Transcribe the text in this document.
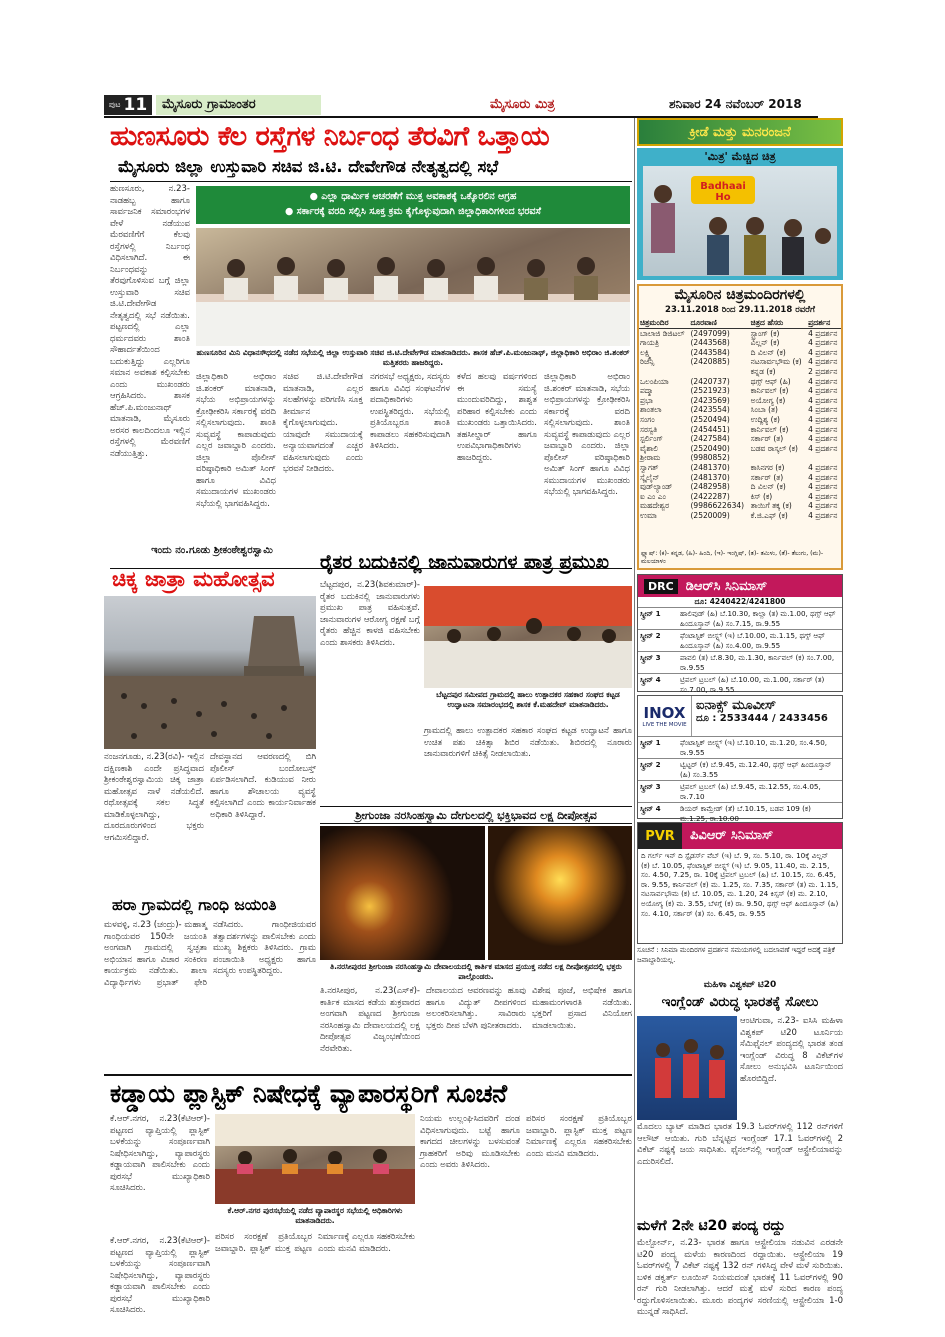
ಪುಟ 11	ಮೈಸೂರು ಗ್ರಾಮಾಂತರ	ಮೈಸೂರು ಮಿತ್ರ	ಶನಿವಾರ 24 ನವೆಂಬರ್ 2018
ಹುಣಸೂರು ಕೆಲ ರಸ್ತೆಗಳ ನಿರ್ಬಂಧ ತೆರವಿಗೆ ಒತ್ತಾಯ
ಮೈಸೂರು ಜಿಲ್ಲಾ ಉಸ್ತುವಾರಿ ಸಚಿವ ಜಿ.ಟಿ. ದೇವೇಗೌಡ ನೇತೃತ್ವದಲ್ಲಿ ಸಭೆ
ಹುಣಸೂರು, ನ.23-ನಾಡಹಬ್ಬ ಹಾಗೂ ಸಾರ್ವಜನಿಕ ಸಮಾರಂಭಗಳ ವೇಳೆ ನಡೆಯುವ ಮೆರವಣಿಗೆಗೆ ಕೆಲವು ರಸ್ತೆಗಳಲ್ಲಿ ನಿರ್ಬಂಧ ವಿಧಿಸಲಾಗಿದೆ. ಈ ನಿರ್ಬಂಧವನ್ನು ತೆರವುಗೊಳಿಸುವ ಬಗ್ಗೆ ಜಿಲ್ಲಾ ಉಸ್ತುವಾರಿ ಸಚಿವ ಜಿ.ಟಿ.ದೇವೇಗೌಡ ನೇತೃತ್ವದಲ್ಲಿ ಸಭೆ ನಡೆಯಿತು. ಪಟ್ಟಣದಲ್ಲಿ ಎಲ್ಲಾ ಧರ್ಮದವರು ಶಾಂತಿ ಸೌಹಾರ್ದತೆಯಿಂದ ಬದುಕುತ್ತಿದ್ದು ಎಲ್ಲರಿಗೂ ಸಮಾನ ಅವಕಾಶ ಕಲ್ಪಿಸಬೇಕು ಎಂದು ಮುಖಂಡರು ಆಗ್ರಹಿಸಿದರು. ಶಾಸಕ ಹೆಚ್.ಪಿ.ಮಂಜುನಾಥ್ ಮಾತನಾಡಿ, ಮೈಸೂರು ಅರಸರ ಕಾಲದಿಂದಲೂ ಇಲ್ಲಿನ ರಸ್ತೆಗಳಲ್ಲಿ ಮೆರವಣಿಗೆ ನಡೆಯುತ್ತಿತ್ತು.
● ಎಲ್ಲಾ ಧಾರ್ಮಿಕ ಆಚರಣೆಗೆ ಮುಕ್ತ ಅವಕಾಶಕ್ಕೆ ಒಕ್ಕೊರಲಿನ ಆಗ್ರಹ
● ಸರ್ಕಾರಕ್ಕೆ ವರದಿ ಸಲ್ಲಿಸಿ ಸೂಕ್ತ ಕ್ರಮ ಕೈಗೊಳ್ಳುವುದಾಗಿ ಜಿಲ್ಲಾಧಿಕಾರಿಗಳಿಂದ ಭರವಸೆ
ಹುಣಸೂರಿನ ಮಿನಿ ವಿಧಾನಸೌಧದಲ್ಲಿ ನಡೆದ ಸಭೆಯಲ್ಲಿ ಜಿಲ್ಲಾ ಉಸ್ತುವಾರಿ ಸಚಿವ ಜಿ.ಟಿ.ದೇವೇಗೌಡ ಮಾತನಾಡಿದರು. ಶಾಸಕ ಹೆಚ್.ಪಿ.ಮಂಜುನಾಥ್, ಜಿಲ್ಲಾಧಿಕಾರಿ ಅಭಿರಾಂ ಜಿ.ಶಂಕರ್ ಮತ್ತಿತರರು ಹಾಜರಿದ್ದರು.
ಜಿಲ್ಲಾಧಿಕಾರಿ ಅಭಿರಾಂ ಜಿ.ಶಂಕರ್ ಮಾತನಾಡಿ, ಸಭೆಯ ಅಭಿಪ್ರಾಯಗಳನ್ನು ಕ್ರೋಢೀಕರಿಸಿ ಸರ್ಕಾರಕ್ಕೆ ವರದಿ ಸಲ್ಲಿಸಲಾಗುವುದು. ಶಾಂತಿ ಸುವ್ಯವಸ್ಥೆ ಕಾಪಾಡುವುದು ಎಲ್ಲರ ಜವಾಬ್ದಾರಿ ಎಂದರು. ಜಿಲ್ಲಾ ಪೊಲೀಸ್ ವರಿಷ್ಠಾಧಿಕಾರಿ ಅಮಿತ್ ಸಿಂಗ್ ಹಾಗೂ ವಿವಿಧ ಸಮುದಾಯಗಳ ಮುಖಂಡರು ಸಭೆಯಲ್ಲಿ ಭಾಗವಹಿಸಿದ್ದರು.
ಸಚಿವ ಜಿ.ಟಿ.ದೇವೇಗೌಡ ಮಾತನಾಡಿ, ಎಲ್ಲರ ಸಲಹೆಗಳನ್ನು ಪರಿಗಣಿಸಿ ಸೂಕ್ತ ತೀರ್ಮಾನ ಕೈಗೊಳ್ಳಲಾಗುವುದು. ಯಾವುದೇ ಸಮುದಾಯಕ್ಕೆ ಅನ್ಯಾಯವಾಗದಂತೆ ಎಚ್ಚರ ವಹಿಸಲಾಗುವುದು ಎಂದು ಭರವಸೆ ನೀಡಿದರು.
ನಗರಸಭೆ ಅಧ್ಯಕ್ಷರು, ಸದಸ್ಯರು ಹಾಗೂ ವಿವಿಧ ಸಂಘಟನೆಗಳ ಪದಾಧಿಕಾರಿಗಳು ಉಪಸ್ಥಿತರಿದ್ದರು. ಸಭೆಯಲ್ಲಿ ಪ್ರತಿಯೊಬ್ಬರೂ ಶಾಂತಿ ಕಾಪಾಡಲು ಸಹಕರಿಸುವುದಾಗಿ ತಿಳಿಸಿದರು.
ಕಳೆದ ಹಲವು ವರ್ಷಗಳಿಂದ ಈ ಸಮಸ್ಯೆ ಮುಂದುವರಿದಿದ್ದು, ಶಾಶ್ವತ ಪರಿಹಾರ ಕಲ್ಪಿಸಬೇಕು ಎಂದು ಮುಖಂಡರು ಒತ್ತಾಯಿಸಿದರು. ತಹಸೀಲ್ದಾರ್ ಹಾಗೂ ಉಪವಿಭಾಗಾಧಿಕಾರಿಗಳು ಹಾಜರಿದ್ದರು.
ಜಿಲ್ಲಾಧಿಕಾರಿ ಅಭಿರಾಂ ಜಿ.ಶಂಕರ್ ಮಾತನಾಡಿ, ಸಭೆಯ ಅಭಿಪ್ರಾಯಗಳನ್ನು ಕ್ರೋಢೀಕರಿಸಿ ಸರ್ಕಾರಕ್ಕೆ ವರದಿ ಸಲ್ಲಿಸಲಾಗುವುದು. ಶಾಂತಿ ಸುವ್ಯವಸ್ಥೆ ಕಾಪಾಡುವುದು ಎಲ್ಲರ ಜವಾಬ್ದಾರಿ ಎಂದರು. ಜಿಲ್ಲಾ ಪೊಲೀಸ್ ವರಿಷ್ಠಾಧಿಕಾರಿ ಅಮಿತ್ ಸಿಂಗ್ ಹಾಗೂ ವಿವಿಧ ಸಮುದಾಯಗಳ ಮುಖಂಡರು ಸಭೆಯಲ್ಲಿ ಭಾಗವಹಿಸಿದ್ದರು.
ಇಂದು ನಂ.ಗೂಡು ಶ್ರೀಕಂಠೇಶ್ವರಸ್ವಾಮಿ
ಚಿಕ್ಕ ಜಾತ್ರಾ ಮಹೋತ್ಸವ
ನಂಜನಗೂಡು, ನ.23(ರವಿ)- ಇಲ್ಲಿನ ದಕ್ಷಿಣಕಾಶಿ ಎಂದೇ ಪ್ರಸಿದ್ಧವಾದ ಶ್ರೀಕಂಠೇಶ್ವರಸ್ವಾಮಿಯ ಚಿಕ್ಕ ಜಾತ್ರಾ ಮಹೋತ್ಸವ ನಾಳೆ ನಡೆಯಲಿದೆ. ರಥೋತ್ಸವಕ್ಕೆ ಸಕಲ ಸಿದ್ಧತೆ ಮಾಡಿಕೊಳ್ಳಲಾಗಿದ್ದು, ದೂರದೂರುಗಳಿಂದ ಭಕ್ತರು ಆಗಮಿಸಲಿದ್ದಾರೆ.
ದೇವಸ್ಥಾನದ ಆವರಣದಲ್ಲಿ ಬಿಗಿ ಪೊಲೀಸ್ ಬಂದೋಬಸ್ತ್ ಏರ್ಪಡಿಸಲಾಗಿದೆ. ಕುಡಿಯುವ ನೀರು ಹಾಗೂ ಶೌಚಾಲಯ ವ್ಯವಸ್ಥೆ ಕಲ್ಪಿಸಲಾಗಿದೆ ಎಂದು ಕಾರ್ಯನಿರ್ವಾಹಕ ಅಧಿಕಾರಿ ತಿಳಿಸಿದ್ದಾರೆ.
ರೈತರ ಬದುಕಿನಲ್ಲಿ ಜಾನುವಾರುಗಳ ಪಾತ್ರ ಪ್ರಮುಖ
ಬೆಟ್ಟದಪುರ, ನ.23(ಶಿವಕುಮಾರ್)- ರೈತರ ಬದುಕಿನಲ್ಲಿ ಜಾನುವಾರುಗಳು ಪ್ರಮುಖ ಪಾತ್ರ ವಹಿಸುತ್ತವೆ. ಜಾನುವಾರುಗಳ ಆರೋಗ್ಯ ರಕ್ಷಣೆ ಬಗ್ಗೆ ರೈತರು ಹೆಚ್ಚಿನ ಕಾಳಜಿ ವಹಿಸಬೇಕು ಎಂದು ಶಾಸಕರು ತಿಳಿಸಿದರು.
ಬೆಟ್ಟದಪುರ ಸಮೀಪದ ಗ್ರಾಮದಲ್ಲಿ ಹಾಲು ಉತ್ಪಾದಕರ ಸಹಕಾರ ಸಂಘದ ಕಟ್ಟಡ ಉದ್ಘಾಟನಾ ಸಮಾರಂಭದಲ್ಲಿ ಶಾಸಕ ಕೆ.ಮಹದೇವ್ ಮಾತನಾಡಿದರು.
ಗ್ರಾಮದಲ್ಲಿ ಹಾಲು ಉತ್ಪಾದಕರ ಸಹಕಾರ ಸಂಘದ ಕಟ್ಟಡ ಉದ್ಘಾಟನೆ ಹಾಗೂ ಉಚಿತ ಪಶು ಚಿಕಿತ್ಸಾ ಶಿಬಿರ ನಡೆಯಿತು. ಶಿಬಿರದಲ್ಲಿ ನೂರಾರು ಜಾನುವಾರುಗಳಿಗೆ ಚಿಕಿತ್ಸೆ ನೀಡಲಾಯಿತು.
ಶ್ರೀಗುಂಜಾ ನರಸಿಂಹಸ್ವಾಮಿ ದೇಗುಲದಲ್ಲಿ ಭಕ್ತಿಭಾವದ ಲಕ್ಷ ದೀಪೋತ್ಸವ
ತಿ.ನರಸೀಪುರದ ಶ್ರೀಗುಂಜಾ ನರಸಿಂಹಸ್ವಾಮಿ ದೇವಾಲಯದಲ್ಲಿ ಕಾರ್ತಿಕ ಮಾಸದ ಪ್ರಯುಕ್ತ ನಡೆದ ಲಕ್ಷ ದೀಪೋತ್ಸವದಲ್ಲಿ ಭಕ್ತರು ಪಾಲ್ಗೊಂಡರು.
ತಿ.ನರಸೀಪುರ, ನ.23(ಎಸ್‌ಕೆ)- ಕಾರ್ತಿಕ ಮಾಸದ ಕಡೆಯ ಶುಕ್ರವಾರದ ಅಂಗವಾಗಿ ಪಟ್ಟಣದ ಶ್ರೀಗುಂಜಾ ನರಸಿಂಹಸ್ವಾಮಿ ದೇವಾಲಯದಲ್ಲಿ ಲಕ್ಷ ದೀಪೋತ್ಸವ ವಿಜೃಂಭಣೆಯಿಂದ ನೆರವೇರಿತು.
ದೇವಾಲಯದ ಆವರಣವನ್ನು ಹೂವು ಹಾಗೂ ವಿದ್ಯುತ್ ದೀಪಗಳಿಂದ ಅಲಂಕರಿಸಲಾಗಿತ್ತು. ಸಾವಿರಾರು ಭಕ್ತರು ದೀಪ ಬೆಳಗಿ ಪುನೀತರಾದರು.
ವಿಶೇಷ ಪೂಜೆ, ಅಭಿಷೇಕ ಹಾಗೂ ಮಹಾಮಂಗಳಾರತಿ ನಡೆಯಿತು. ಭಕ್ತರಿಗೆ ಪ್ರಸಾದ ವಿನಿಯೋಗ ಮಾಡಲಾಯಿತು.
ಹರಾ ಗ್ರಾಮದಲ್ಲಿ ಗಾಂಧಿ ಜಯಂತಿ
ಮಳವಳ್ಳಿ, ನ.23 (ಚಂದ್ರು)- ಮಹಾತ್ಮ ಗಾಂಧಿಯವರ 150ನೇ ಜಯಂತಿ ಅಂಗವಾಗಿ ಗ್ರಾಮದಲ್ಲಿ ಸ್ವಚ್ಛತಾ ಅಭಿಯಾನ ಹಾಗೂ ವಿಚಾರ ಸಂಕಿರಣ ಕಾರ್ಯಕ್ರಮ ನಡೆಯಿತು. ಶಾಲಾ ವಿದ್ಯಾರ್ಥಿಗಳು ಪ್ರಭಾತ್ ಫೇರಿ ನಡೆಸಿದರು. ಗಾಂಧೀಜಿಯವರ ತತ್ವಾದರ್ಶಗಳನ್ನು ಪಾಲಿಸಬೇಕು ಎಂದು ಮುಖ್ಯ ಶಿಕ್ಷಕರು ತಿಳಿಸಿದರು. ಗ್ರಾಮ ಪಂಚಾಯಿತಿ ಅಧ್ಯಕ್ಷರು ಹಾಗೂ ಸದಸ್ಯರು ಉಪಸ್ಥಿತರಿದ್ದರು.
ಕಡ್ಡಾಯ ಪ್ಲಾಸ್ಟಿಕ್ ನಿಷೇಧಕ್ಕೆ ವ್ಯಾಪಾರಸ್ಥರಿಗೆ ಸೂಚನೆ
ಕೆ.ಆರ್.ನಗರ, ನ.23(ಕೆಟಿಆರ್)- ಪಟ್ಟಣದ ವ್ಯಾಪ್ತಿಯಲ್ಲಿ ಪ್ಲಾಸ್ಟಿಕ್ ಬಳಕೆಯನ್ನು ಸಂಪೂರ್ಣವಾಗಿ ನಿಷೇಧಿಸಲಾಗಿದ್ದು, ವ್ಯಾಪಾರಸ್ಥರು ಕಡ್ಡಾಯವಾಗಿ ಪಾಲಿಸಬೇಕು ಎಂದು ಪುರಸಭೆ ಮುಖ್ಯಾಧಿಕಾರಿ ಸೂಚಿಸಿದರು.
ಕೆ.ಆರ್.ನಗರ ಪುರಸಭೆಯಲ್ಲಿ ನಡೆದ ವ್ಯಾಪಾರಸ್ಥರ ಸಭೆಯಲ್ಲಿ ಅಧಿಕಾರಿಗಳು ಮಾತನಾಡಿದರು.
ನಿಯಮ ಉಲ್ಲಂಘಿಸಿದವರಿಗೆ ದಂಡ ವಿಧಿಸಲಾಗುವುದು. ಬಟ್ಟೆ ಹಾಗೂ ಕಾಗದದ ಚೀಲಗಳನ್ನು ಬಳಸುವಂತೆ ಗ್ರಾಹಕರಿಗೆ ಅರಿವು ಮೂಡಿಸಬೇಕು ಎಂದು ಅವರು ತಿಳಿಸಿದರು.
ಪರಿಸರ ಸಂರಕ್ಷಣೆ ಪ್ರತಿಯೊಬ್ಬರ ಜವಾಬ್ದಾರಿ. ಪ್ಲಾಸ್ಟಿಕ್ ಮುಕ್ತ ಪಟ್ಟಣ ನಿರ್ಮಾಣಕ್ಕೆ ಎಲ್ಲರೂ ಸಹಕರಿಸಬೇಕು ಎಂದು ಮನವಿ ಮಾಡಿದರು.
ಕೆ.ಆರ್.ನಗರ, ನ.23(ಕೆಟಿಆರ್)- ಪಟ್ಟಣದ ವ್ಯಾಪ್ತಿಯಲ್ಲಿ ಪ್ಲಾಸ್ಟಿಕ್ ಬಳಕೆಯನ್ನು ಸಂಪೂರ್ಣವಾಗಿ ನಿಷೇಧಿಸಲಾಗಿದ್ದು, ವ್ಯಾಪಾರಸ್ಥರು ಕಡ್ಡಾಯವಾಗಿ ಪಾಲಿಸಬೇಕು ಎಂದು ಪುರಸಭೆ ಮುಖ್ಯಾಧಿಕಾರಿ ಸೂಚಿಸಿದರು.
ಪರಿಸರ ಸಂರಕ್ಷಣೆ ಪ್ರತಿಯೊಬ್ಬರ ಜವಾಬ್ದಾರಿ. ಪ್ಲಾಸ್ಟಿಕ್ ಮುಕ್ತ ಪಟ್ಟಣ ನಿರ್ಮಾಣಕ್ಕೆ ಎಲ್ಲರೂ ಸಹಕರಿಸಬೇಕು ಎಂದು ಮನವಿ ಮಾಡಿದರು.
ಕ್ರೀಡೆ ಮತ್ತು ಮನರಂಜನೆ
'ಮಿತ್ರ' ಮೆಚ್ಚಿದ ಚಿತ್ರ
Badhaai Ho
ಮೈಸೂರಿನ ಚಿತ್ರಮಂದಿರಗಳಲ್ಲಿ
23.11.2018 ರಿಂದ 29.11.2018 ರವರೆಗೆ
ಚಿತ್ರಮಂದಿರ	ದೂರವಾಣಿ	ಚಿತ್ರದ ಹೆಸರು	ಪ್ರದರ್ಶನ
ಬಾಲಾಜಿ ಡಿಜಿಟಲ್	(2497099)	ಸ್ಟ್ರಾಂಗ್ (ಕ)	4 ಪ್ರದರ್ಶನ
ಗಾಯತ್ರಿ	(2443568)	ವಿಲ್ಲನ್ (ಕ)	4 ಪ್ರದರ್ಶನ
ಲಕ್ಷ್ಮಿ	(2443584)	ದಿ ವಿಲನ್ (ಕ)	4 ಪ್ರದರ್ಶನ
ರಿಜೆನ್ಸಿ	(2420885)	ನಟಸಾರ್ವಭೌಮ (ಕ)	4 ಪ್ರದರ್ಶನ
		ಕನ್ನಡ (ಕ)	2 ಪ್ರದರ್ಶನ
ಒಲಂಪಿಯಾ	(2420737)	ಥಗ್ಸ್ ಆಫ್ (ಹಿ)	4 ಪ್ರದರ್ಶನ
ಪದ್ಮಾ	(2521923)	ಕಾರ್ನಿವಲ್ (ಕ)	4 ಪ್ರದರ್ಶನ
ಪ್ರಭಾ	(2423569)	ಅಯೋಗ್ಯ (ಕ)	4 ಪ್ರದರ್ಶನ
ಶಾಂತಲಾ	(2423554)	ಸಿಂಬಾ (ತ)	4 ಪ್ರದರ್ಶನ
ಸಂಗಂ	(2520494)	ಉದ್ದಿಶ್ಯ (ಕ)	4 ಪ್ರದರ್ಶನ
ಸರಸ್ವತಿ	(2454451)	ಕಾರ್ನಿವಲ್ (ಕ)	4 ಪ್ರದರ್ಶನ
ಸ್ಟರ್ಲಿಂಗ್	(2427584)	ಸರ್ಕಾರ್ (ತ)	4 ಪ್ರದರ್ಶನ
ವೈಶಾಲಿ	(2520490)	ಬಡವ ರಾಸ್ಕಲ್ (ಕ)	4 ಪ್ರದರ್ಶನ
ಶ್ರೀರಾಮ	(9980852)		
ಸ್ವಾಗತ್	(2481370)	ಕಾಸಿನಗರ (ಕ)	4 ಪ್ರದರ್ಶನ
ಸ್ಕೈಲೈನ್	(2481370)	ಸರ್ಕಾರ್ (ತ)	4 ಪ್ರದರ್ಶನ
ವುಡ್‌ಲ್ಯಾಂಡ್	(2482958)	ದಿ ವಿಲನ್ (ಕ)	4 ಪ್ರದರ್ಶನ
ಐ ಎಂ ಎಂ	(2422287)	ಕಿಸ್ (ಕ)	4 ಪ್ರದರ್ಶನ
ಮಹದೇಶ್ವರ	(9986622634)	ತಾಯಿಗೆ ತಕ್ಕ (ಕ)	4 ಪ್ರದರ್ಶನ
ಉಮಾ	(2520009)	ಕೆ.ಜಿ.ಎಫ್ (ಕ)	4 ಪ್ರದರ್ಶನ
ಫ್ಲ್ಯಾಷ್: (ಕ)- ಕನ್ನಡ, (ಹಿ)- ಹಿಂದಿ, (ಇ)- ಇಂಗ್ಲಿಷ್, (ತ)- ತಮಿಳು, (ತೆ)- ತೆಲುಗು, (ಮ)- ಮಲಯಾಳಂ
DRC ಡಿಆರ್‌ಸಿ ಸಿನಿಮಾಸ್
ದೂ: 4240422/4241800
ಸ್ಕ್ರೀನ್ 1	ಹಾಲಿವುಡ್ (ಹಿ) ಬೆ.10.30, ಕಾಲ್ಲಾ (ತ) ಮ.1.00, ಥಗ್ಸ್ ಆಫ್ ಹಿಂದೂಸ್ತಾನ್ (ಹಿ) ಸಂ.7.15, ರಾ.9.55
ಸ್ಕ್ರೀನ್ 2	ಫೆಂಟಾಸ್ಟಿಕ್ ಬೀಸ್ಟ್ಸ್ (ಇ) ಬೆ.10.00, ಮ.1.15, ಥಗ್ಸ್ ಆಫ್ ಹಿಂದೂಸ್ತಾನ್ (ಹಿ) ಸಂ.4.00, ರಾ.9.55
ಸ್ಕ್ರೀನ್ 3	ಪಾವಲಿ (ತ) ಬೆ.8.30, ಮ.1.30, ಕಾರ್ನಿವಲ್ (ಕ) ಸಂ.7.00, ರಾ.9.55
ಸ್ಕ್ರೀನ್ 4	ಟ್ರಿಪಲ್ ಟ್ರಬಲ್ (ಹಿ) ಬೆ.10.00, ಮ.1.00, ಸರ್ಕಾರ್ (ತ) ಸಂ.7.00, ರಾ.9.55
INOX
LIVE THE MOVIE
ಐನಾಕ್ಸ್ ಮೂವೀಸ್
ದೂ : 2533444 / 2433456
ಸ್ಕ್ರೀನ್ 1	ಫೆಂಟಾಸ್ಟಿಕ್ ಬೀಸ್ಟ್ಸ್ (ಇ) ಬೆ.10.10, ಮ.1.20, ಸಂ.4.50, ರಾ.9.55
ಸ್ಕ್ರೀನ್ 2	ಟ್ವಿಟ್ಟರ್ (ಕ) ಬೆ.9.45, ಮ.12.40, ಥಗ್ಸ್ ಆಫ್ ಹಿಂದೂಸ್ತಾನ್ (ಹಿ) ಸಂ.3.55
ಸ್ಕ್ರೀನ್ 3	ಟ್ರಿಪಲ್ ಟ್ರಬಲ್ (ಹಿ) ಬೆ.9.45, ಮ.12.55, ಸಂ.4.05, ರಾ.7.10
ಸ್ಕ್ರೀನ್ 4	ಡಿಯರ್ ಕಾಮ್ರೇಡ್ (ತೆ) ಬೆ.10.15, ಬಡವ 109 (ಕ) ಮ.1.25, ರಾ.10.00
PVR	ಪಿವಿಆರ್ ಸಿನಿಮಾಸ್
ದಿ ಗರ್ಲ್ ಇನ್ ದಿ ಸ್ಪೈಡರ್ಸ್ ವೆಬ್ (ಇ) ಬೆ. 9, ಸಂ. 5.10, ರಾ. 10ಕ್ಕೆ ವಿಲ್ಲನ್ (ಕ) ಬೆ. 10.05, ಫೆಂಟಾಸ್ಟಿಕ್ ಬೀಸ್ಟ್ಸ್ (ಇ) ಬೆ. 9.05, 11.40, ಮ. 2.15, ಸಂ. 4.50, 7.25, ರಾ. 10ಕ್ಕೆ ಟ್ರಿಪಲ್ ಟ್ರಬಲ್ (ಹಿ) ಬೆ. 10.15, ಸಂ. 6.45, ರಾ. 9.55, ಕಾರ್ನಿವಲ್ (ಕ) ಮ. 1.25, ಸಂ. 7.35, ಸರ್ಕಾರ್ (ತ) ಮ. 1.15, ನಟಸಾರ್ವಭೌಮ (ಕ) ಬೆ. 10.05, ಮ. 1.20, 24 ಕಿಸ್ಸಸ್ (ಕ) ಮ. 2.10, ಅಯೋಗ್ಯ (ಕ) ಮ. 3.55, ಬೆಳಗ್ಗೆ (ಕ) ರಾ. 9.50, ಥಗ್ಸ್ ಆಫ್ ಹಿಂದೂಸ್ತಾನ್ (ಹಿ) ಸಂ. 4.10, ಸರ್ಕಾರ್ (ತ) ಸಂ. 6.45, ರಾ. 9.55
ಸೂಚನೆ : ಸಿನಿಮಾ ಮಂದಿರಗಳ ಪ್ರದರ್ಶನ ಸಮಯಗಳಲ್ಲಿ ಬದಲಾವಣೆ ಇದ್ದರೆ ಅದಕ್ಕೆ ಪತ್ರಿಕೆ ಜವಾಬ್ದಾರಿಯಲ್ಲ.
ಮಹಿಳಾ ವಿಶ್ವಕಪ್ ಟಿ20
ಇಂಗ್ಲೆಂಡ್ ವಿರುದ್ಧ ಭಾರತಕ್ಕೆ ಸೋಲು
ಆಂಟಿಗುವಾ, ನ.23- ಐಸಿಸಿ ಮಹಿಳಾ ವಿಶ್ವಕಪ್ ಟಿ20 ಟೂರ್ನಿಯ ಸೆಮಿಫೈನಲ್ ಪಂದ್ಯದಲ್ಲಿ ಭಾರತ ತಂಡ ಇಂಗ್ಲೆಂಡ್ ವಿರುದ್ಧ 8 ವಿಕೆಟ್‌ಗಳ ಸೋಲು ಅನುಭವಿಸಿ ಟೂರ್ನಿಯಿಂದ ಹೊರಬಿದ್ದಿದೆ.
ಮೊದಲು ಬ್ಯಾಟ್ ಮಾಡಿದ ಭಾರತ 19.3 ಓವರ್‌ಗಳಲ್ಲಿ 112 ರನ್‌ಗಳಿಗೆ ಆಲೌಟ್ ಆಯಿತು. ಗುರಿ ಬೆನ್ನಟ್ಟಿದ ಇಂಗ್ಲೆಂಡ್ 17.1 ಓವರ್‌ಗಳಲ್ಲಿ 2 ವಿಕೆಟ್ ನಷ್ಟಕ್ಕೆ ಜಯ ಸಾಧಿಸಿತು. ಫೈನಲ್‌ನಲ್ಲಿ ಇಂಗ್ಲೆಂಡ್ ಆಸ್ಟ್ರೇಲಿಯಾವನ್ನು ಎದುರಿಸಲಿದೆ.
ಮಳೆಗೆ 2ನೇ ಟಿ20 ಪಂದ್ಯ ರದ್ದು
ಮೆಲ್ಬೋರ್ನ್, ನ.23- ಭಾರತ ಹಾಗೂ ಆಸ್ಟ್ರೇಲಿಯಾ ನಡುವಿನ ಎರಡನೇ ಟಿ20 ಪಂದ್ಯ ಮಳೆಯ ಕಾರಣದಿಂದ ರದ್ದಾಯಿತು. ಆಸ್ಟ್ರೇಲಿಯಾ 19 ಓವರ್‌ಗಳಲ್ಲಿ 7 ವಿಕೆಟ್ ನಷ್ಟಕ್ಕೆ 132 ರನ್ ಗಳಿಸಿದ್ದ ವೇಳೆ ಮಳೆ ಸುರಿಯಿತು. ಬಳಿಕ ಡಕ್ವರ್ತ್ ಲೂಯಿಸ್ ನಿಯಮದಂತೆ ಭಾರತಕ್ಕೆ 11 ಓವರ್‌ಗಳಲ್ಲಿ 90 ರನ್ ಗುರಿ ನೀಡಲಾಗಿತ್ತು. ಆದರೆ ಮತ್ತೆ ಮಳೆ ಸುರಿದ ಕಾರಣ ಪಂದ್ಯ ರದ್ದುಗೊಳಿಸಲಾಯಿತು. ಮೂರು ಪಂದ್ಯಗಳ ಸರಣಿಯಲ್ಲಿ ಆಸ್ಟ್ರೇಲಿಯಾ 1-0 ಮುನ್ನಡೆ ಸಾಧಿಸಿದೆ.
